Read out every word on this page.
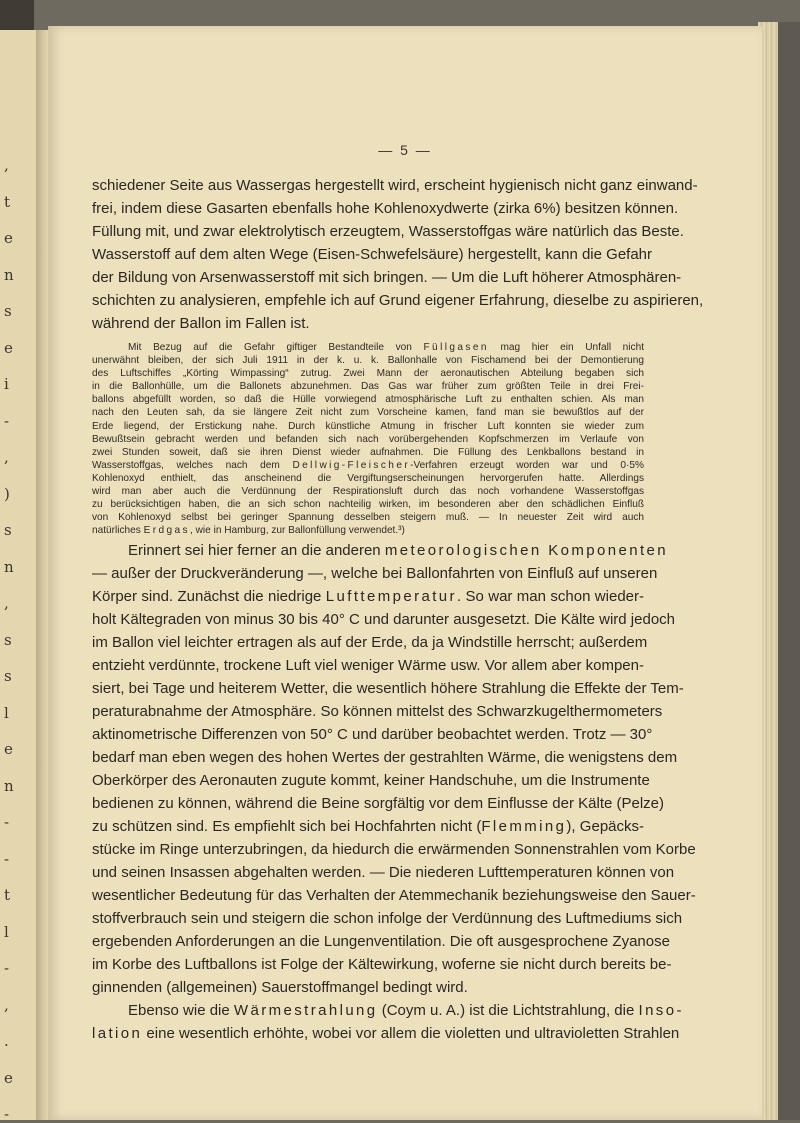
,
t
e
n
s
e
i
-
,
)
s
n
,
s
s
l
e
n
-
-
t
l
-
,
.
e
-
— 5 —
schiedener Seite aus Wassergas hergestellt wird, erscheint hygienisch nicht ganz einwand-
frei, indem diese Gasarten ebenfalls hohe Kohlenoxydwerte (zirka 6%) besitzen können.
Füllung mit, und zwar elektrolytisch erzeugtem, Wasserstoffgas wäre natürlich das Beste.
Wasserstoff auf dem alten Wege (Eisen-Schwefelsäure) hergestellt, kann die Gefahr
der Bildung von Arsenwasserstoff mit sich bringen. — Um die Luft höherer Atmosphären-
schichten zu analysieren, empfehle ich auf Grund eigener Erfahrung, dieselbe zu aspirieren,
während der Ballon im Fallen ist.
Mit Bezug auf die Gefahr giftiger Bestandteile von Füllgasen mag hier ein Unfall nicht
unerwähnt bleiben, der sich Juli 1911 in der k. u. k. Ballonhalle von Fischamend bei der Demontierung
des Luftschiffes „Körting Wimpassing“ zutrug. Zwei Mann der aeronautischen Abteilung begaben sich
in die Ballonhülle, um die Ballonets abzunehmen. Das Gas war früher zum größten Teile in drei Frei-
ballons abgefüllt worden, so daß die Hülle vorwiegend atmosphärische Luft zu enthalten schien. Als man
nach den Leuten sah, da sie längere Zeit nicht zum Vorscheine kamen, fand man sie bewußtlos auf der
Erde liegend, der Erstickung nahe. Durch künstliche Atmung in frischer Luft konnten sie wieder zum
Bewußtsein gebracht werden und befanden sich nach vorübergehenden Kopfschmerzen im Verlaufe von
zwei Stunden soweit, daß sie ihren Dienst wieder aufnahmen. Die Füllung des Lenkballons bestand in
Wasserstoffgas, welches nach dem Dellwig-Fleischer-Verfahren erzeugt worden war und 0·5%
Kohlenoxyd enthielt, das anscheinend die Vergiftungserscheinungen hervorgerufen hatte. Allerdings
wird man aber auch die Verdünnung der Respirationsluft durch das noch vorhandene Wasserstoffgas
zu berücksichtigen haben, die an sich schon nachteilig wirken, im besonderen aber den schädlichen Einfluß
von Kohlenoxyd selbst bei geringer Spannung desselben steigern muß. — In neuester Zeit wird auch
natürliches Erdgas, wie in Hamburg, zur Ballonfüllung verwendet.³)
Erinnert sei hier ferner an die anderen meteorologischen Komponenten
— außer der Druckveränderung —, welche bei Ballonfahrten von Einfluß auf unseren
Körper sind. Zunächst die niedrige Lufttemperatur. So war man schon wieder-
holt Kältegraden von minus 30 bis 40° C und darunter ausgesetzt. Die Kälte wird jedoch
im Ballon viel leichter ertragen als auf der Erde, da ja Windstille herrscht; außerdem
entzieht verdünnte, trockene Luft viel weniger Wärme usw. Vor allem aber kompen-
siert, bei Tage und heiterem Wetter, die wesentlich höhere Strahlung die Effekte der Tem-
peraturabnahme der Atmosphäre. So können mittelst des Schwarzkugelthermometers
aktinometrische Differenzen von 50° C und darüber beobachtet werden. Trotz — 30°
bedarf man eben wegen des hohen Wertes der gestrahlten Wärme, die wenigstens dem
Oberkörper des Aeronauten zugute kommt, keiner Handschuhe, um die Instrumente
bedienen zu können, während die Beine sorgfältig vor dem Einflusse der Kälte (Pelze)
zu schützen sind. Es empfiehlt sich bei Hochfahrten nicht (Flemming), Gepäcks-
stücke im Ringe unterzubringen, da hiedurch die erwärmenden Sonnenstrahlen vom Korbe
und seinen Insassen abgehalten werden. — Die niederen Lufttemperaturen können von
wesentlicher Bedeutung für das Verhalten der Atemmechanik beziehungsweise den Sauer-
stoffverbrauch sein und steigern die schon infolge der Verdünnung des Luftmediums sich
ergebenden Anforderungen an die Lungenventilation. Die oft ausgesprochene Zyanose
im Korbe des Luftballons ist Folge der Kältewirkung, woferne sie nicht durch bereits be-
ginnenden (allgemeinen) Sauerstoffmangel bedingt wird.
Ebenso wie die Wärmestrahlung (Coym u. A.) ist die Lichtstrahlung, die Inso-
lation eine wesentlich erhöhte, wobei vor allem die violetten und ultravioletten Strahlen
